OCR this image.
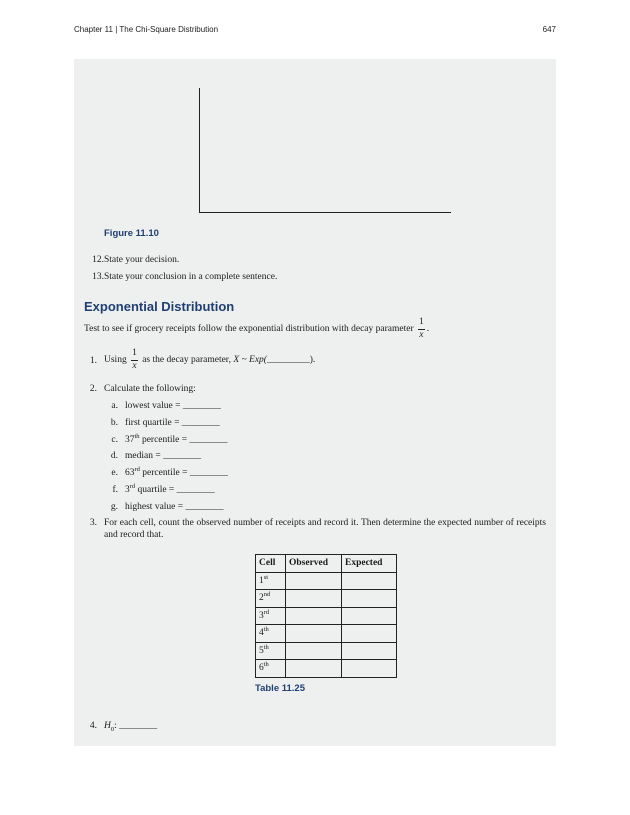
Chapter 11 | The Chi-Square Distribution	647
Figure 11.10
12. State your decision.
13. State your conclusion in a complete sentence.
Exponential Distribution
Test to see if grocery receipts follow the exponential distribution with decay parameter $\frac{1}{x}$ .
1. Using $\frac{1}{x}$ as the decay parameter, X ~ Exp(_________).
2. Calculate the following:
a. lowest value = ________
b. first quartile = ________
c. 37th percentile = ________
d. median = ________
e. 63rd percentile = ________
f. 3rd quartile = ________
g. highest value = ________
3. For each cell, count the observed number of receipts and record it. Then determine the expected number of receipts and record that.
Cell	Observed	Expected
1st		
2nd		
3rd		
4th		
5th		
6th		
Table 11.25
4. $H_0$: ________
